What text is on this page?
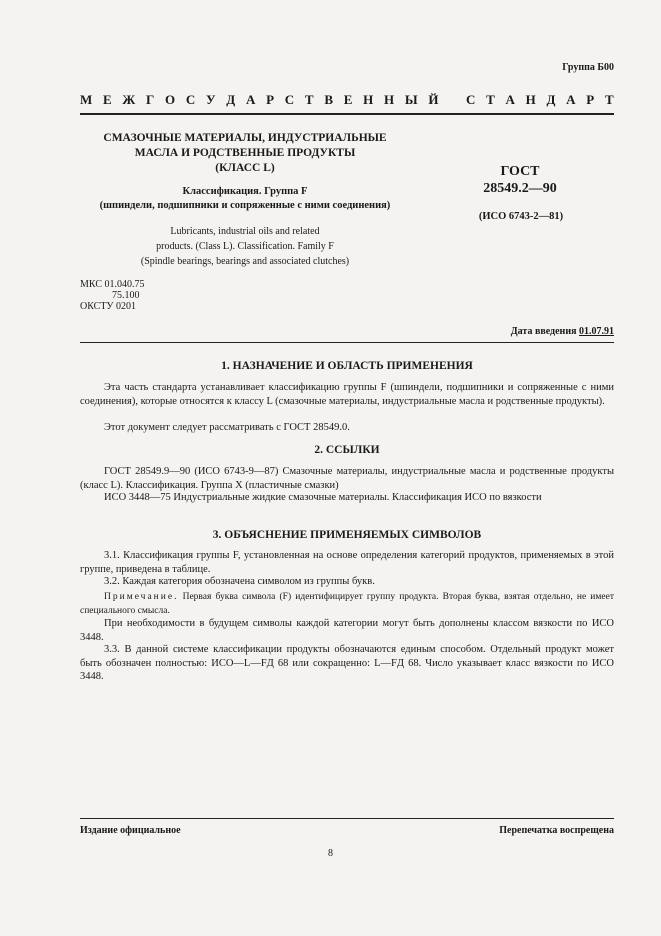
Группа Б00
М Е Ж Г О С У Д А Р С Т В Е Н Н Ы Й С Т А Н Д А Р Т
СМАЗОЧНЫЕ МАТЕРИАЛЫ, ИНДУСТРИАЛЬНЫЕ
МАСЛА И РОДСТВЕННЫЕ ПРОДУКТЫ
(КЛАСС L)
Классификация. Группа F
(шпиндели, подшипники и сопряженные с ними соединения)
Lubricants, industrial oils and related
products. (Class L). Classification. Family F
(Spindle bearings, bearings and associated clutches)
ГОСТ
28549.2—90
(ИСО 6743-2—81)
МКС 01.040.75
75.100
ОКСТУ 0201
Дата введения 01.07.91
1. НАЗНАЧЕНИЕ И ОБЛАСТЬ ПРИМЕНЕНИЯ

Эта часть стандарта устанавливает классификацию группы F (шпиндели, подшипники и сопряженные с ними соединения), которые относятся к классу L (смазочные материалы, индустриальные масла и родственные продукты).

Этот документ следует рассматривать с ГОСТ 28549.0.

2. ССЫЛКИ

ГОСТ 28549.9—90 (ИСО 6743-9—87) Смазочные материалы, индустриальные масла и родственные продукты (класс L). Классификация. Группа X (пластичные смазки)

ИСО 3448—75 Индустриальные жидкие смазочные материалы. Классификация ИСО по вязкости

3. ОБЪЯСНЕНИЕ ПРИМЕНЯЕМЫХ СИМВОЛОВ

3.1. Классификация группы F, установленная на основе определения категорий продуктов, применяемых в этой группе, приведена в таблице.

3.2. Каждая категория обозначена символом из группы букв.

Примечание. Первая буква символа (F) идентифицирует группу продукта. Вторая буква, взятая отдельно, не имеет специального смысла.

При необходимости в будущем символы каждой категории могут быть дополнены классом вязкости по ИСО 3448.

3.3. В данной системе классификации продукты обозначаются единым способом. Отдельный продукт может быть обозначен полностью: ИСО—L—FД 68 или сокращенно: L—FД 68. Число указывает класс вязкости по ИСО 3448.

Издание официальное	Перепечатка воспрещена
8
